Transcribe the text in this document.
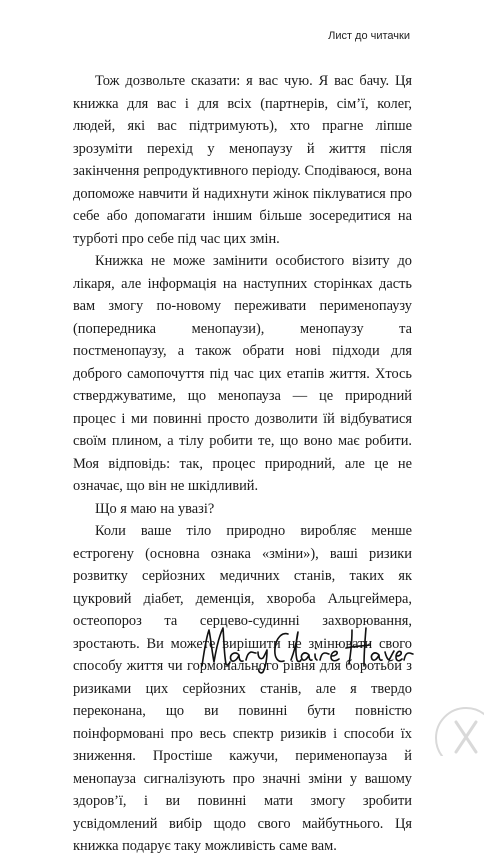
Лист до читачки

Тож дозвольте сказати: я вас чую. Я вас бачу. Ця книжка для вас і для всіх (партнерів, сім’ї, колег, людей, які вас підтримують), хто прагне ліпше зрозуміти перехід у менопаузу й життя після закінчення репродуктивного періоду. Сподіваюся, вона допоможе навчити й надихнути жінок піклуватися про себе або допомагати іншим більше зосередитися на турботі про себе під час цих змін.

Книжка не може замінити особистого візиту до лікаря, але інформація на наступних сторінках дасть вам змогу по-новому переживати перименопаузу (попередника менопаузи), менопаузу та постменопаузу, а також обрати нові підходи для доброго самопочуття під час цих етапів життя. Хтось стверджуватиме, що менопауза — це природний процес і ми повинні просто дозволити їй відбуватися своїм плином, а тілу робити те, що воно має робити. Моя відповідь: так, процес природний, але це не означає, що він не шкідливий.

Що я маю на увазі?

Коли ваше тіло природно виробляє менше естрогену (основна ознака «зміни»), ваші ризики розвитку серйозних медичних станів, таких як цукровий діабет, деменція, хвороба Альцгеймера, остеопороз та серцево-судинні захворювання, зростають. Ви можете вирішити не змінювати свого способу життя чи гормонального рівня для боротьби з ризиками цих серйозних станів, але я твердо переконана, що ви повинні бути повністю поінформовані про весь спектр ризиків і способи їх зниження. Простіше кажучи, перименопауза й менопауза сигналізують про значні зміни у вашому здоров’ї, і ви повинні мати змогу зробити усвідомлений вибір щодо свого майбутнього. Ця книжка подарує таку можливість саме вам.
